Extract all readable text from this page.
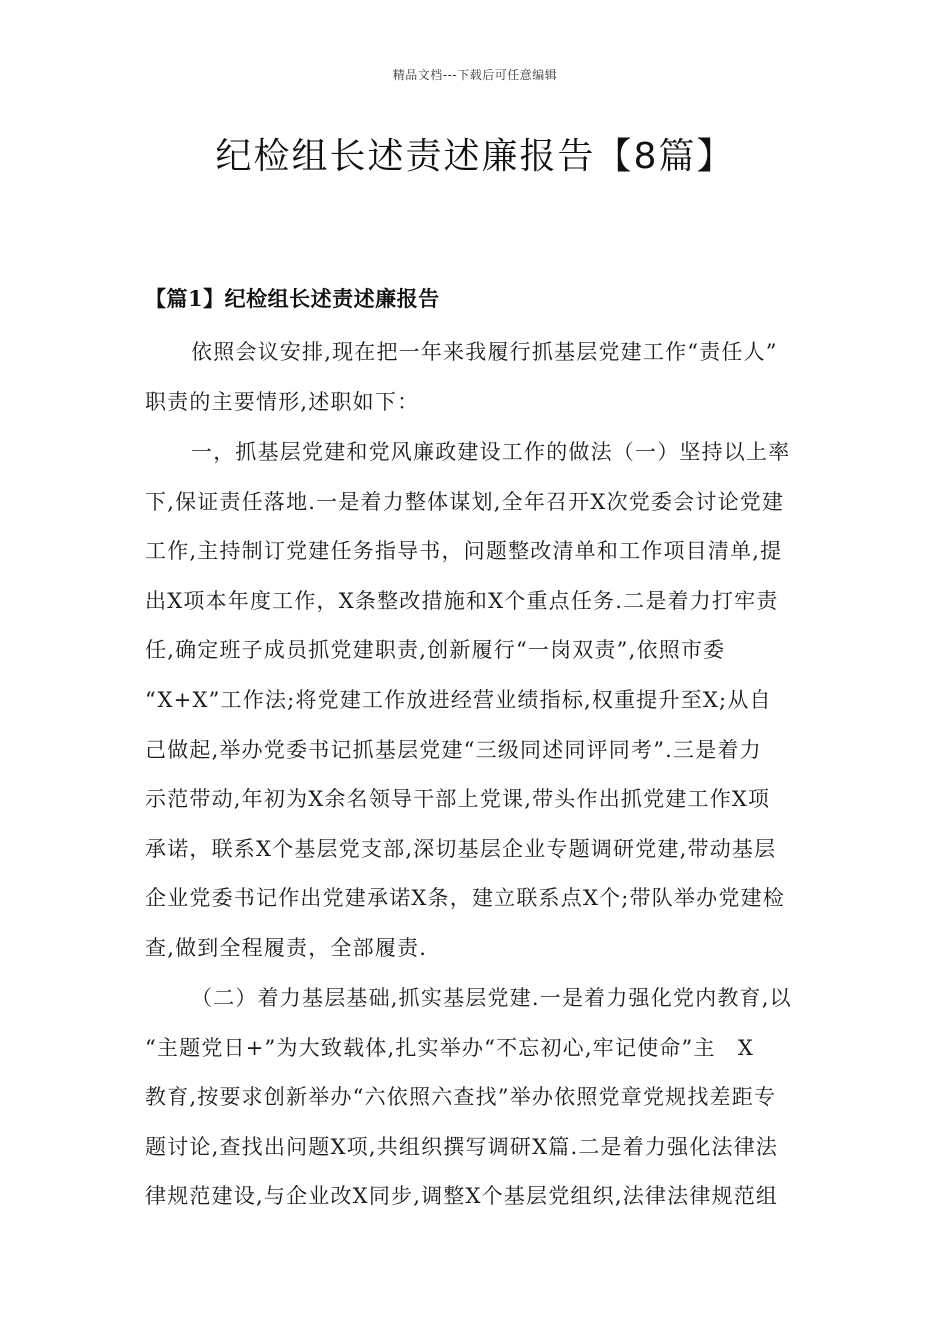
精品文档---下载后可任意编辑
纪检组长述责述廉报告【8篇】
【篇1】纪检组长述责述廉报告

依照会议安排,现在把一年来我履行抓基层党建工作“责任人”
职责的主要情形,述职如下：

一，抓基层党建和党风廉政建设工作的做法（一）坚持以上率
下,保证责任落地.一是着力整体谋划,全年召开X次党委会讨论党建
工作,主持制订党建任务指导书，问题整改清单和工作项目清单,提
出X项本年度工作，X条整改措施和X个重点任务.二是着力打牢责
任,确定班子成员抓党建职责,创新履行“一岗双责”,依照市委
“X+X”工作法;将党建工作放进经营业绩指标,权重提升至X;从自
己做起,举办党委书记抓基层党建“三级同述同评同考”.三是着力
示范带动,年初为X余名领导干部上党课,带头作出抓党建工作X项
承诺，联系X个基层党支部,深切基层企业专题调研党建,带动基层
企业党委书记作出党建承诺X条，建立联系点X个;带队举办党建检
查,做到全程履责，全部履责.

（二）着力基层基础,抓实基层党建.一是着力强化党内教育,以
“主题党日+”为大致载体,扎实举办“不忘初心,牢记使命”主　X
教育,按要求创新举办“六依照六查找”举办依照党章党规找差距专
题讨论,查找出问题X项,共组织撰写调研X篇.二是着力强化法律法
律规范建设,与企业改X同步,调整X个基层党组织,法律法律规范组
